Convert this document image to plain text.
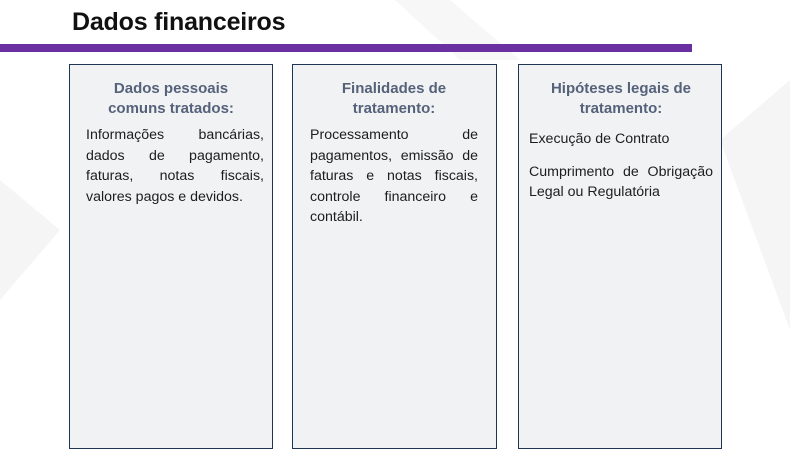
Dados financeiros
Dados pessoais comuns tratados:

Informações bancárias, dados de pagamento, faturas, notas fiscais, valores pagos e devidos.

Finalidades de tratamento:

Processamento de pagamentos, emissão de faturas e notas fiscais, controle financeiro e contábil.

Hipóteses legais de tratamento:

Execução de Contrato

Cumprimento de Obrigação Legal ou Regulatória
